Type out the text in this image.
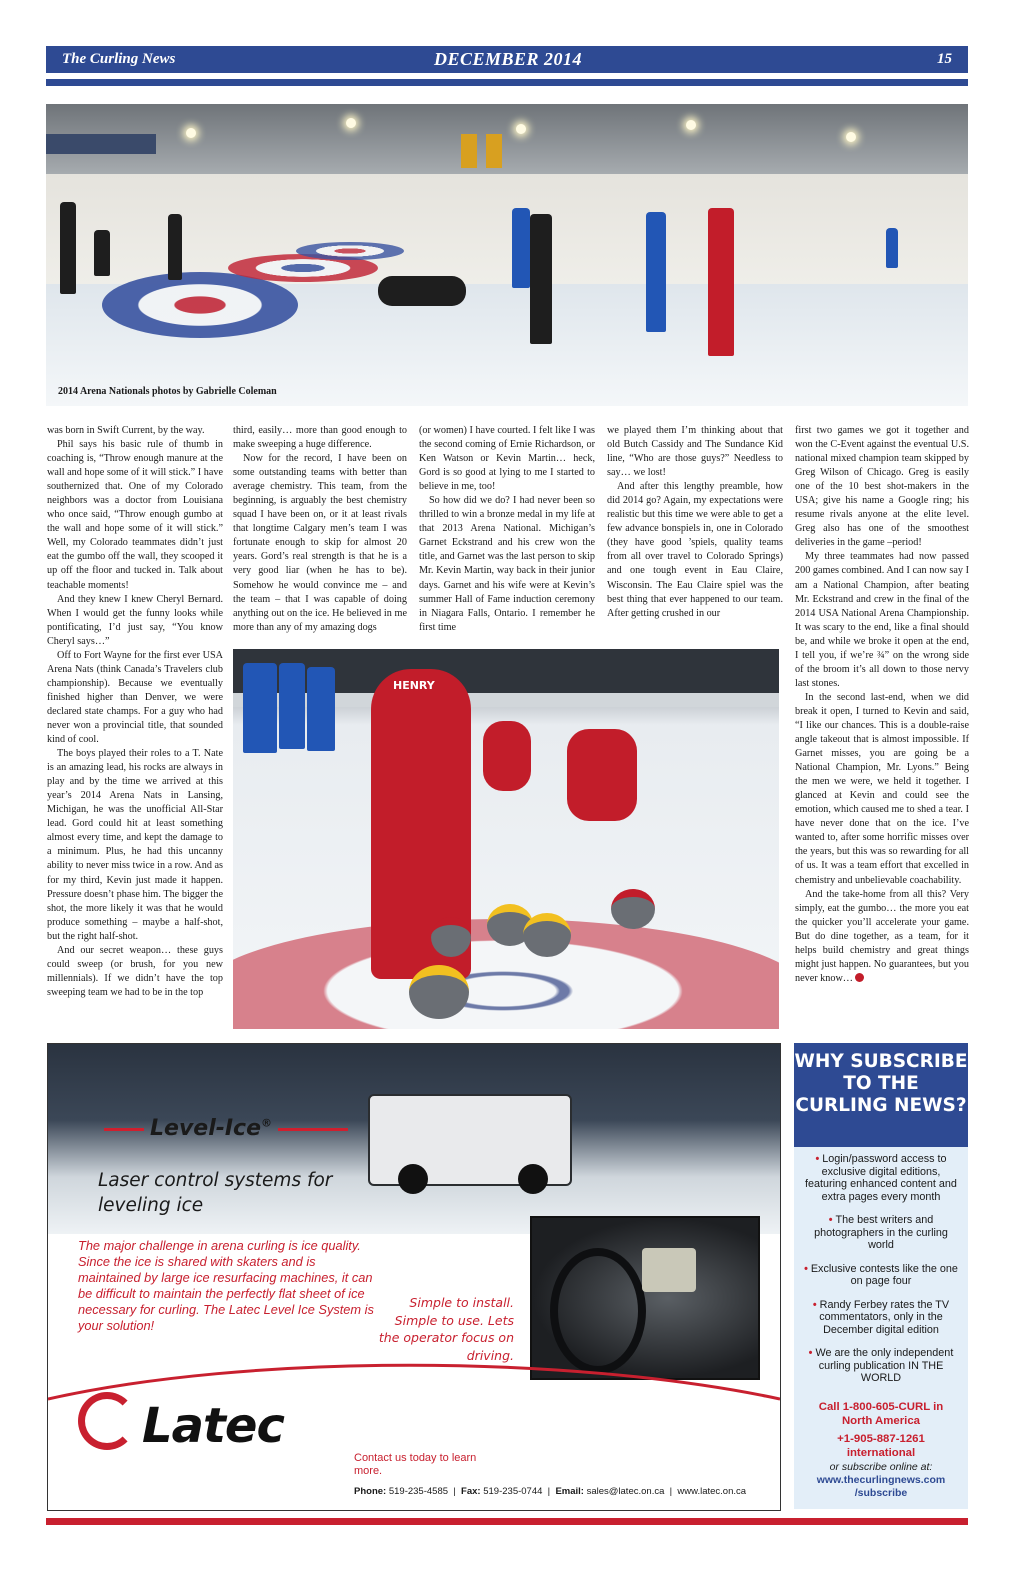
The Curling News	DECEMBER 2014	15
2014 Arena Nationals photos by Gabrielle Coleman

was born in Swift Current, by the way.

Phil says his basic rule of thumb in coaching is, “Throw enough manure at the wall and hope some of it will stick.” I have southernized that. One of my Colorado neighbors was a doctor from Louisiana who once said, “Throw enough gumbo at the wall and hope some of it will stick.” Well, my Colorado teammates didn’t just eat the gumbo off the wall, they scooped it up off the floor and tucked in. Talk about teachable moments!

And they knew I knew Cheryl Bernard. When I would get the funny looks while pontificating, I’d just say, “You know Cheryl says…”

Off to Fort Wayne for the first ever USA Arena Nats (think Canada’s Travelers club championship). Because we eventually finished higher than Denver, we were declared state champs. For a guy who had never won a provincial title, that sounded kind of cool.

The boys played their roles to a T. Nate is an amazing lead, his rocks are always in play and by the time we arrived at this year’s 2014 Arena Nats in Lansing, Michigan, he was the unofficial All-Star lead. Gord could hit at least something almost every time, and kept the damage to a minimum. Plus, he had this uncanny ability to never miss twice in a row. And as for my third, Kevin just made it happen. Pressure doesn’t phase him. The bigger the shot, the more likely it was that he would produce something – maybe a half-shot, but the right half-shot.

And our secret weapon… these guys could sweep (or brush, for you new millennials). If we didn’t have the top sweeping team we had to be in the top

third, easily… more than good enough to make sweeping a huge difference.

Now for the record, I have been on some outstanding teams with better than average chemistry. This team, from the beginning, is arguably the best chemistry squad I have been on, or it at least rivals that longtime Calgary men’s team I was fortunate enough to skip for almost 20 years. Gord’s real strength is that he is a very good liar (when he has to be). Somehow he would convince me – and the team – that I was capable of doing anything out on the ice. He believed in me more than any of my amazing dogs

(or women) I have courted. I felt like I was the second coming of Ernie Richardson, or Ken Watson or Kevin Martin… heck, Gord is so good at lying to me I started to believe in me, too!

So how did we do? I had never been so thrilled to win a bronze medal in my life at that 2013 Arena National. Michigan’s Garnet Eckstrand and his crew won the title, and Garnet was the last person to skip Mr. Kevin Martin, way back in their junior days. Garnet and his wife were at Kevin’s summer Hall of Fame induction ceremony in Niagara Falls, Ontario. I remember he first time

we played them I’m thinking about that old Butch Cassidy and The Sundance Kid line, “Who are those guys?” Needless to say… we lost!

And after this lengthy preamble, how did 2014 go? Again, my expectations were realistic but this time we were able to get a few advance bonspiels in, one in Colorado (they have good ’spiels, quality teams from all over travel to Colorado Springs) and one tough event in Eau Claire, Wisconsin. The Eau Claire spiel was the best thing that ever happened to our team. After getting crushed in our

first two games we got it together and won the C-Event against the eventual U.S. national mixed champion team skipped by Greg Wilson of Chicago. Greg is easily one of the 10 best shot-makers in the USA; give his name a Google ring; his resume rivals anyone at the elite level. Greg also has one of the smoothest deliveries in the game –period!

My three teammates had now passed 200 games combined. And I can now say I am a National Champion, after beating Mr. Eckstrand and crew in the final of the 2014 USA National Arena Championship. It was scary to the end, like a final should be, and while we broke it open at the end, I tell you, if we’re ¾” on the wrong side of the broom it’s all down to those nervy last stones.

In the second last-end, when we did break it open, I turned to Kevin and said, “I like our chances. This is a double-raise angle takeout that is almost impossible. If Garnet misses, you are going be a National Champion, Mr. Lyons.” Being the men we were, we held it together. I glanced at Kevin and could see the emotion, which caused me to shed a tear. I have never done that on the ice. I’ve wanted to, after some horrific misses over the years, but this was so rewarding for all of us. It was a team effort that excelled in chemistry and unbelievable coachability.

And the take-home from all this? Very simply, eat the gumbo… the more you eat the quicker you’ll accelerate your game. But do dine together, as a team, for it helps build chemistry and great things might just happen. No guarantees, but you never know…

HENRY
Level-Ice®
Laser control systems for leveling ice
The major challenge in arena curling is ice quality. Since the ice is shared with skaters and is maintained by large ice resurfacing machines, it can be difficult to maintain the perfectly flat sheet of ice necessary for curling. The Latec Level Ice System is your solution!
Simple to install. Simple to use. Lets the operator focus on driving.
Latec
Contact us today to learn more.
Phone: 519-235-4585  |  Fax: 519-235-0744  |  Email: sales@latec.on.ca  |  www.latec.on.ca
WHY SUBSCRIBE TO THE CURLING NEWS?
• Login/password access to exclusive digital editions, featuring enhanced content and extra pages every month
• The best writers and photographers in the curling world
• Exclusive contests like the one on page four
• Randy Ferbey rates the TV commentators, only in the December digital edition
• We are the only independent curling publication IN THE WORLD
Call 1-800-605-CURL in North America
+1-905-887-1261 international
or subscribe online at:
www.thecurlingnews.com /subscribe
